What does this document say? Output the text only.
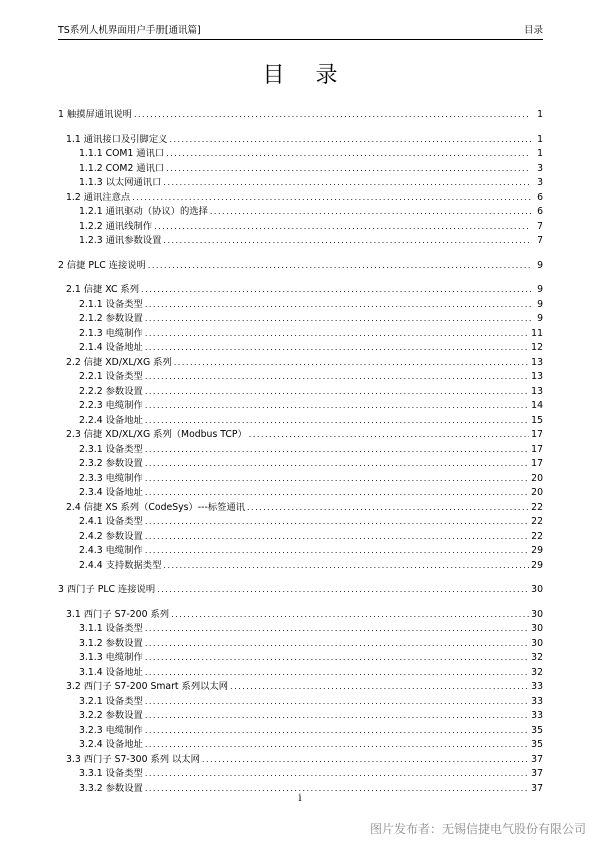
TS系列人机界面用户手册[通讯篇]	目录
目 录
1 触摸屏通讯说明 .....	1
1.1 通讯接口及引脚定义 .....	1
1.1.1 COM1 通讯口 .....	1
1.1.2 COM2 通讯口 .....	3
1.1.3 以太网通讯口 .....	3
1.2 通讯注意点 .....	6
1.2.1 通讯驱动（协议）的选择 .....	6
1.2.2 通讯线制作 .....	7
1.2.3 通讯参数设置 .....	7
2 信捷 PLC 连接说明 .....	9
2.1 信捷 XC 系列 .....	9
2.1.1 设备类型 .....	9
2.1.2 参数设置 .....	9
2.1.3 电缆制作 .....	11
2.1.4 设备地址 .....	12
2.2 信捷 XD/XL/XG 系列 .....	13
2.2.1 设备类型 .....	13
2.2.2 参数设置 .....	13
2.2.3 电缆制作 .....	14
2.2.4 设备地址 .....	15
2.3 信捷 XD/XL/XG 系列（Modbus TCP） .....	17
2.3.1 设备类型 .....	17
2.3.2 参数设置 .....	17
2.3.3 电缆制作 .....	20
2.3.4 设备地址 .....	20
2.4 信捷 XS 系列（CodeSys）---标签通讯 .....	22
2.4.1 设备类型 .....	22
2.4.2 参数设置 .....	22
2.4.3 电缆制作 .....	29
2.4.4 支持数据类型 .....	29
3 西门子 PLC 连接说明 .....	30
3.1 西门子 S7-200 系列 .....	30
3.1.1 设备类型 .....	30
3.1.2 参数设置 .....	30
3.1.3 电缆制作 .....	32
3.1.4 设备地址 .....	32
3.2 西门子 S7-200 Smart 系列以太网 .....	33
3.2.1 设备类型 .....	33
3.2.2 参数设置 .....	33
3.2.3 电缆制作 .....	35
3.2.4 设备地址 .....	35
3.3 西门子 S7-300 系列 以太网 .....	37
3.3.1 设备类型 .....	37
3.3.2 参数设置 .....	37
i
图片发布者：无锡信捷电气股份有限公司
